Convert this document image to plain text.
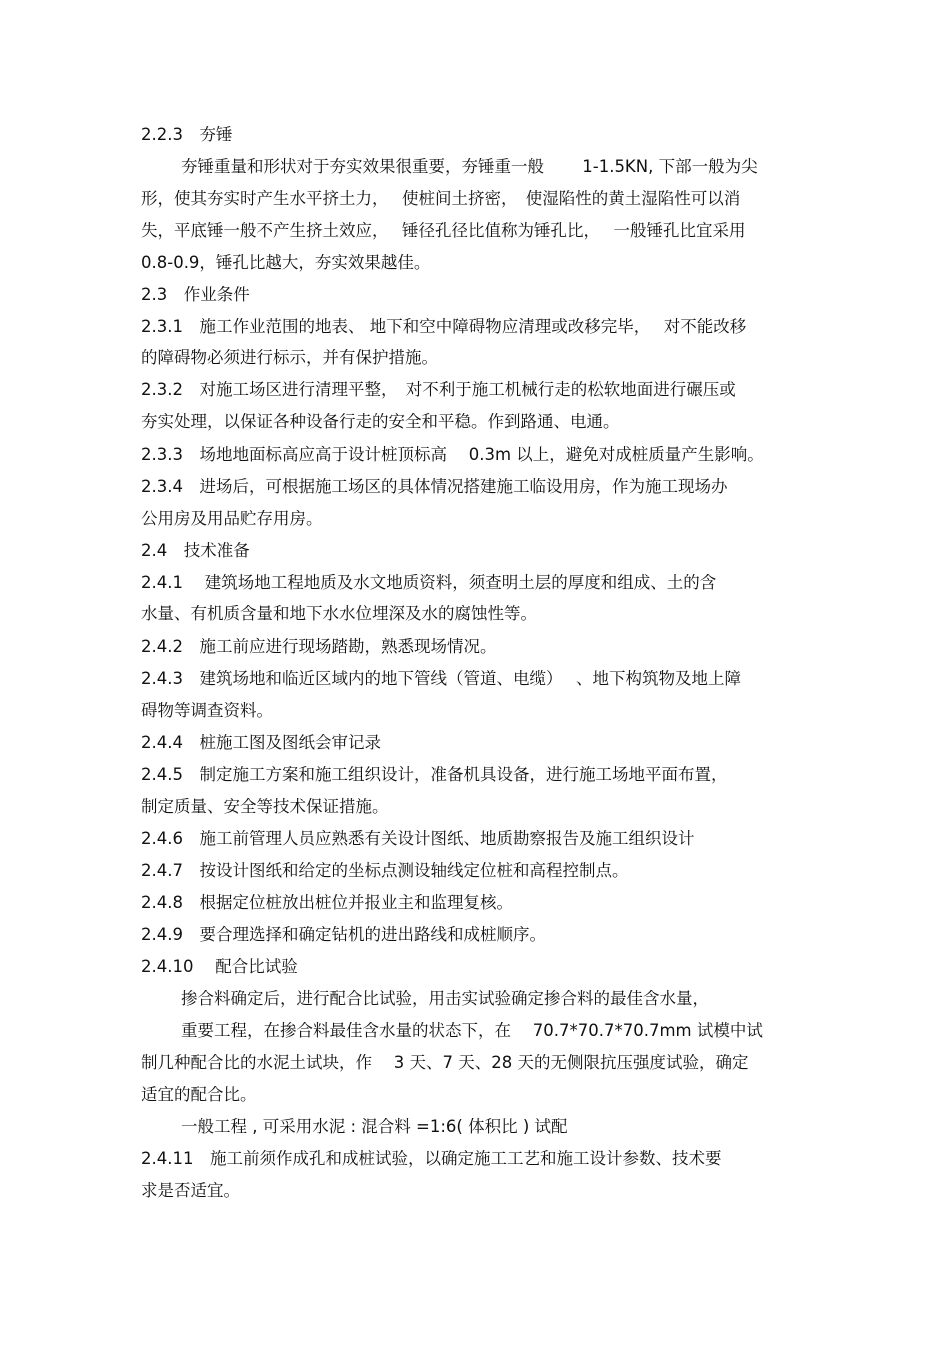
2.2.3　夯锤
夯锤重量和形状对于夯实效果很重要，夯锤重一般　　 1-1.5KN, 下部一般为尖
形，使其夯实时产生水平挤土力，　 使桩间土挤密，　使湿陷性的黄土湿陷性可以消
失，平底锤一般不产生挤土效应，　 锤径孔径比值称为锤孔比，　 一般锤孔比宜采用
0.8-0.9，锤孔比越大，夯实效果越佳。
2.3　作业条件
2.3.1　施工作业范围的地表、 地下和空中障碍物应清理或改移完毕，　 对不能改移
的障碍物必须进行标示，并有保护措施。
2.3.2　对施工场区进行清理平整，　对不利于施工机械行走的松软地面进行碾压或
夯实处理，以保证各种设备行走的安全和平稳。作到路通、电通。
2.3.3　场地地面标高应高于设计桩顶标高　 0.3m 以上，避免对成桩质量产生影响。
2.3.4　进场后，可根据施工场区的具体情况搭建施工临设用房，作为施工现场办
公用房及用品贮存用房。
2.4　技术准备
2.4.1　 建筑场地工程地质及水文地质资料，须查明土层的厚度和组成、土的含
水量、有机质含量和地下水水位埋深及水的腐蚀性等。
2.4.2　施工前应进行现场踏勘，熟悉现场情况。
2.4.3　建筑场地和临近区域内的地下管线（管道、电缆）　 、地下构筑物及地上障
碍物等调查资料。
2.4.4　桩施工图及图纸会审记录
2.4.5　制定施工方案和施工组织设计，准备机具设备，进行施工场地平面布置，
制定质量、安全等技术保证措施。
2.4.6　施工前管理人员应熟悉有关设计图纸、地质勘察报告及施工组织设计
2.4.7　按设计图纸和给定的坐标点测设轴线定位桩和高程控制点。
2.4.8　根据定位桩放出桩位并报业主和监理复核。
2.4.9　要合理选择和确定钻机的进出路线和成桩顺序。
2.4.10　 配合比试验
掺合料确定后，进行配合比试验，用击实试验确定掺合料的最佳含水量，
重要工程，在掺合料最佳含水量的状态下，在　 70.7*70.7*70.7mm 试模中试
制几种配合比的水泥土试块，作　 3 天、7 天、28 天的无侧限抗压强度试验，确定
适宜的配合比。
一般工程 , 可采用水泥 : 混合料 =1:6( 体积比 ) 试配
2.4.11　施工前须作成孔和成桩试验，以确定施工工艺和施工设计参数、技术要
求是否适宜。
